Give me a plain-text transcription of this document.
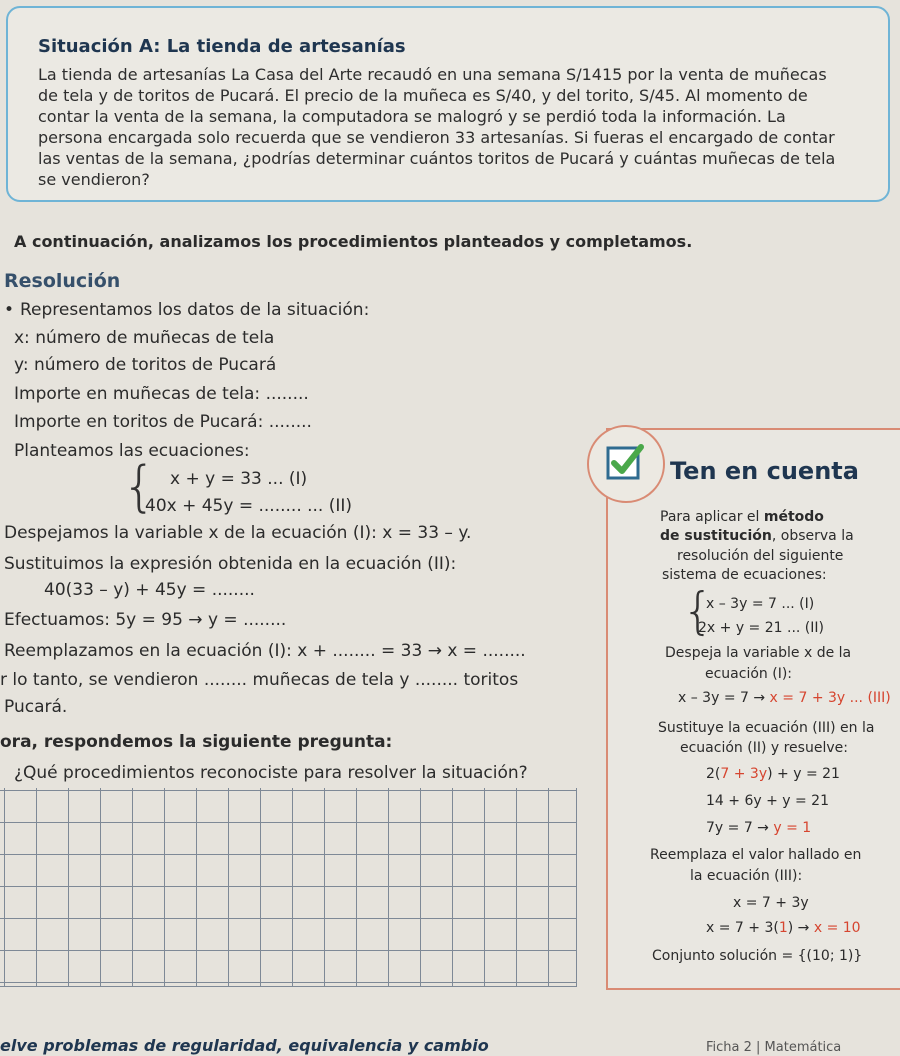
Situación A: La tienda de artesanías
La tienda de artesanías La Casa del Arte recaudó en una semana S/1415 por la venta de muñecas de tela y de toritos de Pucará. El precio de la muñeca es S/40, y del torito, S/45. Al momento de contar la venta de la semana, la computadora se malogró y se perdió toda la información. La persona encargada solo recuerda que se vendieron 33 artesanías. Si fueras el encargado de contar las ventas de la semana, ¿podrías determinar cuántos toritos de Pucará y cuántas muñecas de tela se vendieron?
A continuación, analizamos los procedimientos planteados y completamos.
Resolución
• Representamos los datos de la situación:
x: número de muñecas de tela
y: número de toritos de Pucará
Importe en muñecas de tela: ........
Importe en toritos de Pucará: ........
Planteamos las ecuaciones:
{ x + y = 33 ... (I)
40x + 45y = ........ ... (II)
Despejamos la variable x de la ecuación (I): x = 33 – y.
Sustituimos la expresión obtenida en la ecuación (II):
40(33 – y) + 45y = ........
Efectuamos: 5y = 95 → y = ........
Reemplazamos en la ecuación (I): x + ........ = 33 → x = ........
r lo tanto, se vendieron ........ muñecas de tela y ........ toritos
Pucará.
ora, respondemos la siguiente pregunta:
¿Qué procedimientos reconociste para resolver la situación?
Ten en cuenta
Para aplicar el método
de sustitución, observa la
resolución del siguiente
sistema de ecuaciones:
{
x – 3y = 7 ... (I)
2x + y = 21 ... (II)
Despeja la variable x de la
ecuación (I):
x – 3y = 7 → x = 7 + 3y ... (III)
Sustituye la ecuación (III) en la
ecuación (II) y resuelve:
2(7 + 3y) + y = 21
14 + 6y + y = 21
7y = 7 → y = 1
Reemplaza el valor hallado en
la ecuación (III):
x = 7 + 3y
x = 7 + 3(1) → x = 10
Conjunto solución = {(10; 1)}
elve problemas de regularidad, equivalencia y cambio	Ficha 2 | Matemática
